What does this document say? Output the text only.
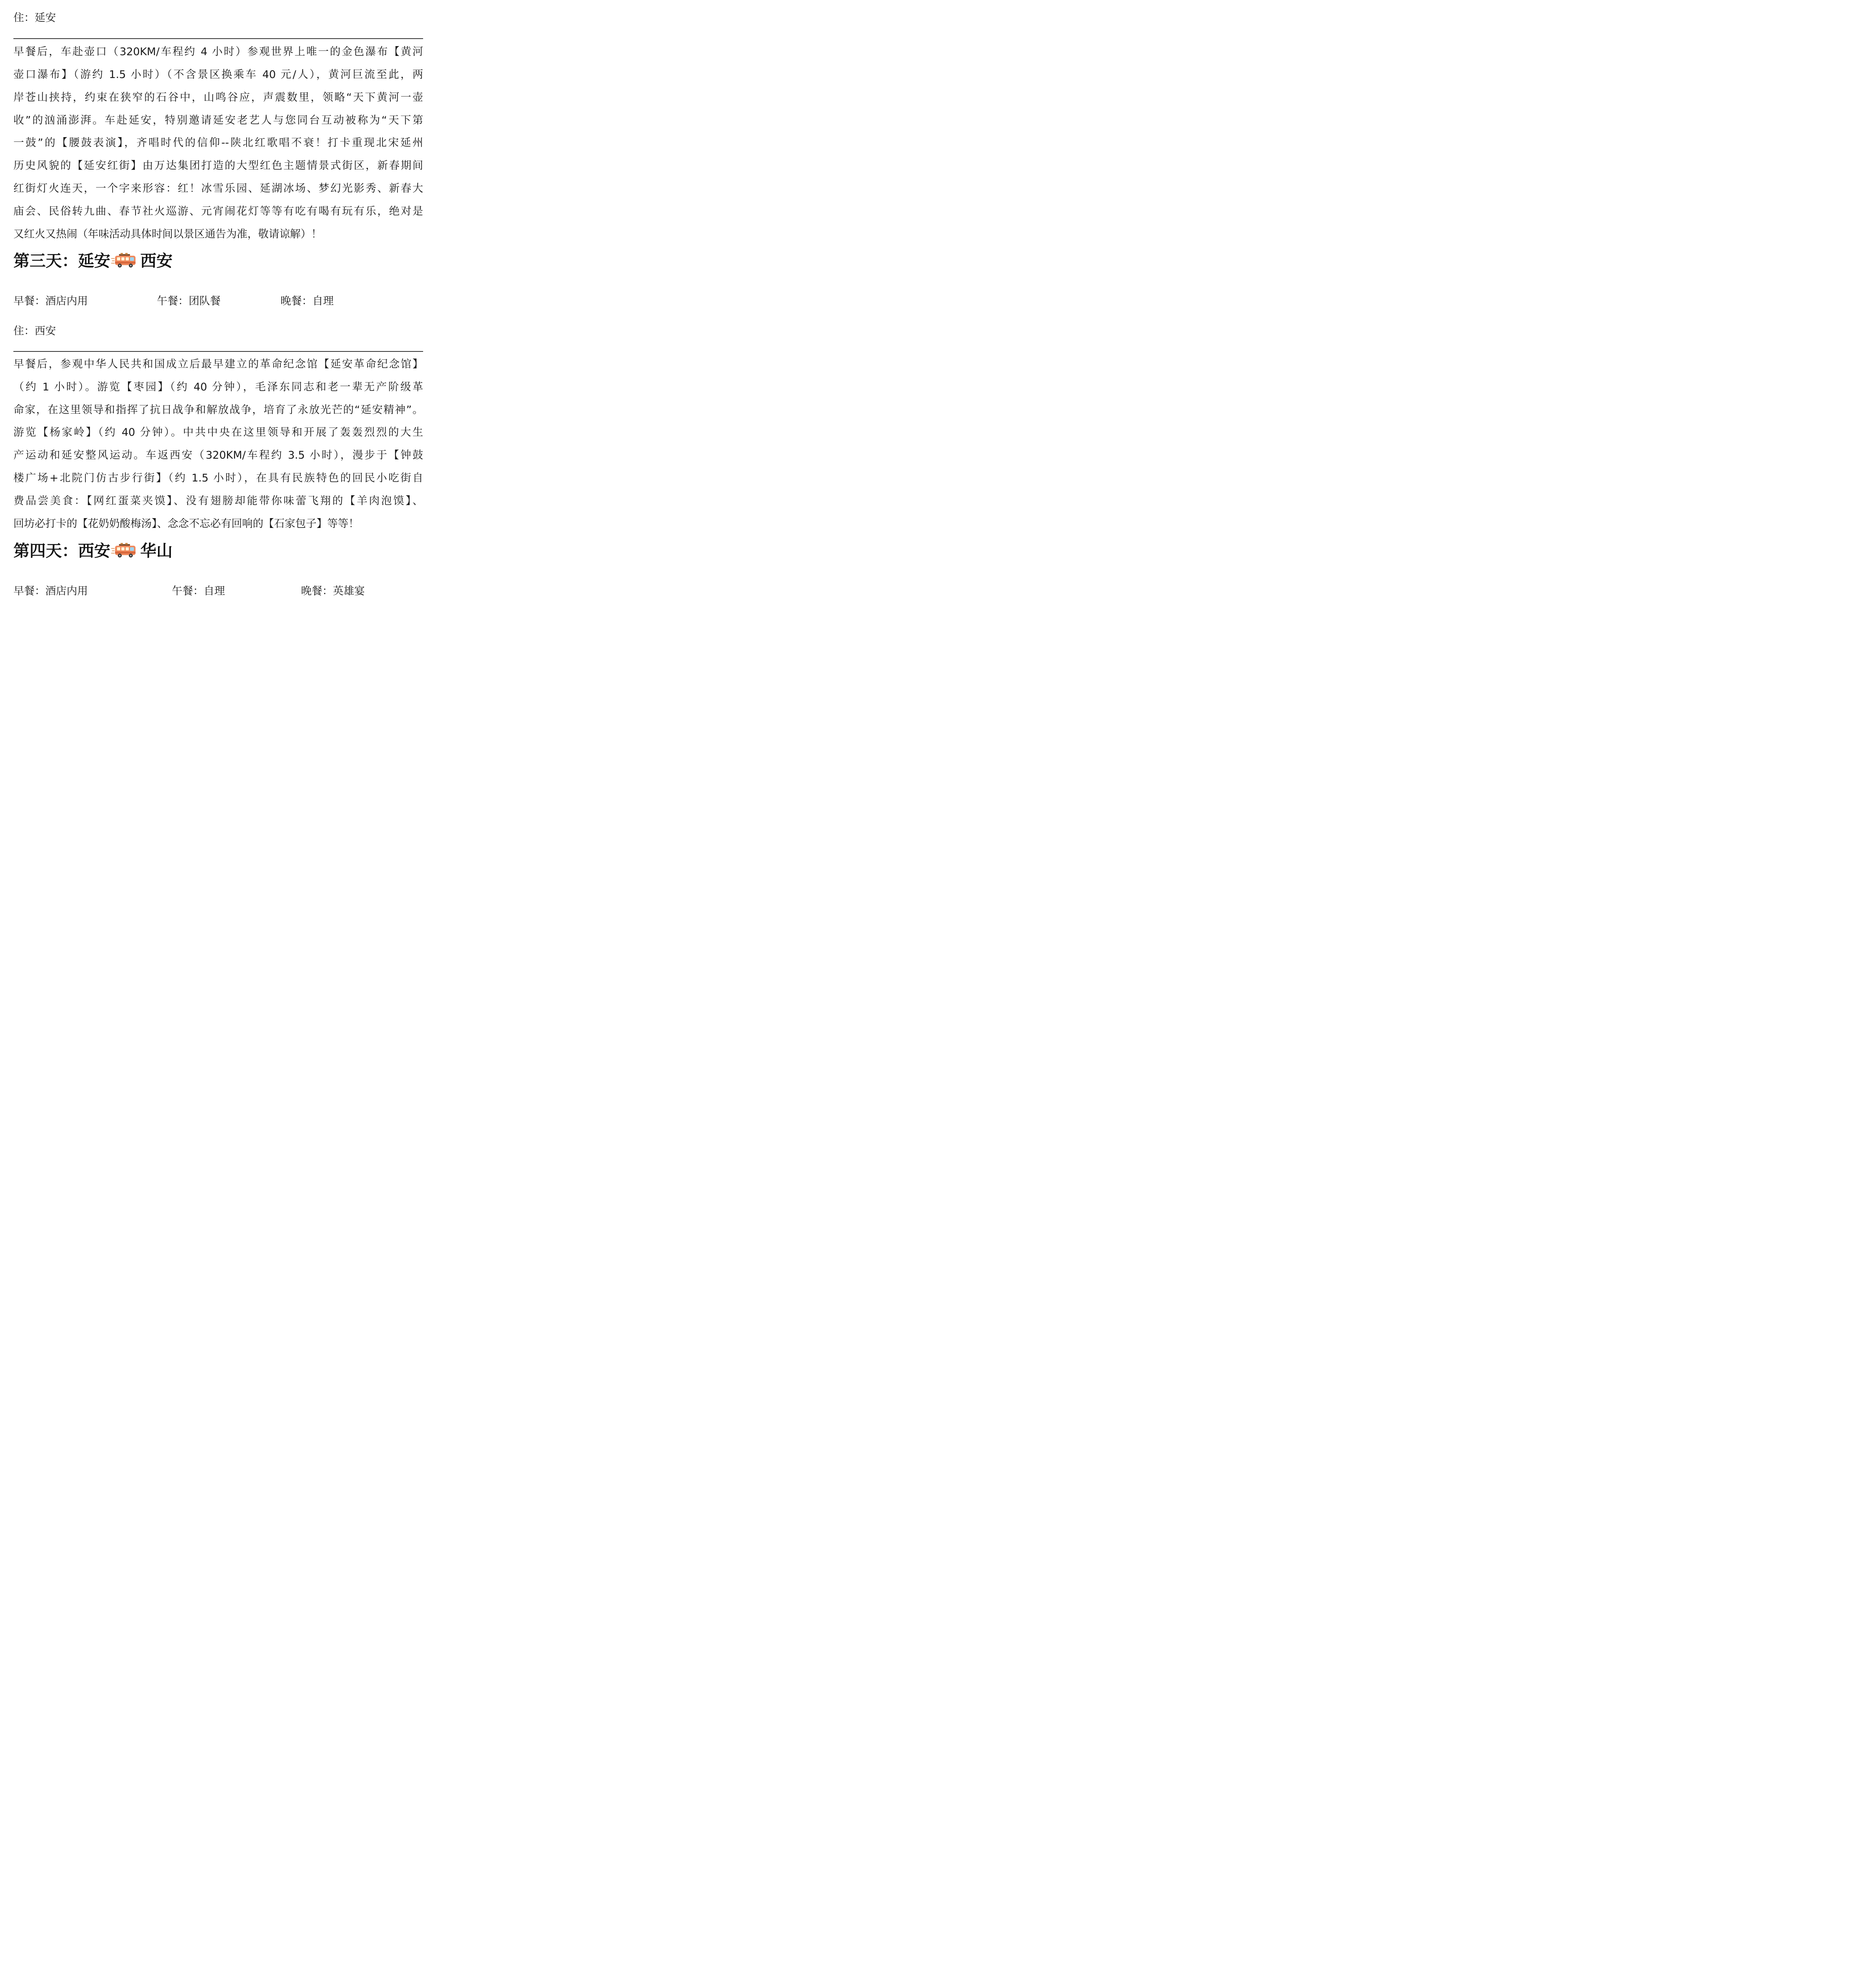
住：延安
早餐后，车赴壶口（320KM/车程约 4 小时）参观世界上唯一的金色瀑布【黄河
壶口瀑布】（游约 1.5 小时）（不含景区换乘车 40 元/人），黄河巨流至此，两
岸苍山挟持，约束在狭窄的石谷中，山鸣谷应，声震数里，领略“天下黄河一壶
收”的汹涌澎湃。车赴延安，特别邀请延安老艺人与您同台互动被称为“天下第
一鼓”的【腰鼓表演】，齐唱时代的信仰--陕北红歌唱不衰！打卡重现北宋延州
历史风貌的【延安红街】由万达集团打造的大型红色主题情景式街区，新春期间
红街灯火连天，一个字来形容：红！冰雪乐园、延湖冰场、梦幻光影秀、新春大
庙会、民俗转九曲、春节社火巡游、元宵闹花灯等等有吃有喝有玩有乐，绝对是
又红火又热闹（年味活动具体时间以景区通告为准，敬请谅解）！
第三天：延安 西安
早餐：酒店内用	午餐：团队餐	晚餐：自理
住：西安
早餐后，参观中华人民共和国成立后最早建立的革命纪念馆【延安革命纪念馆】
（约 1 小时）。游览【枣园】（约 40 分钟），毛泽东同志和老一辈无产阶级革
命家，在这里领导和指挥了抗日战争和解放战争，培育了永放光芒的“延安精神”。
游览【杨家岭】（约 40 分钟）。中共中央在这里领导和开展了轰轰烈烈的大生
产运动和延安整风运动。车返西安（320KM/车程约 3.5 小时），漫步于【钟鼓
楼广场+北院门仿古步行街】（约 1.5 小时），在具有民族特色的回民小吃街自
费品尝美食：【网红蛋菜夹馍】、没有翅膀却能带你味蕾飞翔的【羊肉泡馍】、
回坊必打卡的【花奶奶酸梅汤】、念念不忘必有回响的【石家包子】等等！
第四天：西安 华山
早餐：酒店内用	午餐：自理	晚餐：英雄宴
